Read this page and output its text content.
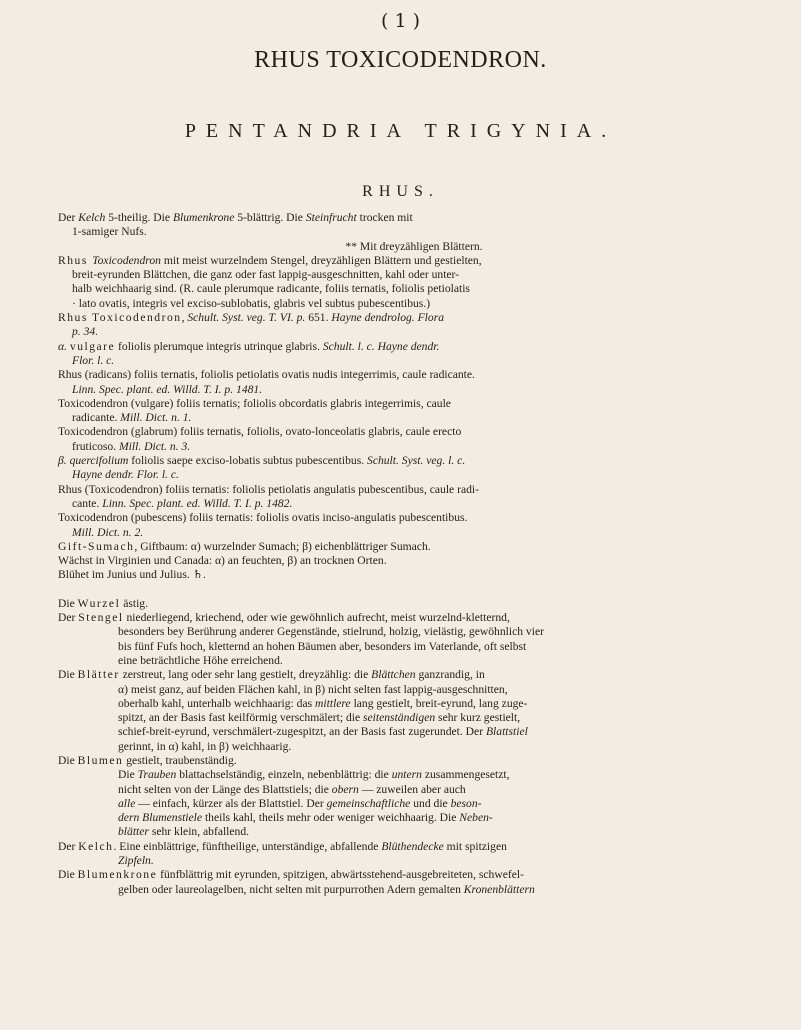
( 1 )
RHUS TOXICODENDRON.
PENTANDRIA TRIGYNIA.
RHUS.

Der Kelch 5-theilig. Die Blumenkrone 5-blättrig. Die Steinfrucht trocken mit

1-samiger Nufs.

** Mit dreyzähligen Blättern.

Rhus Toxicodendron mit meist wurzelndem Stengel, dreyzähligen Blättern und gestielten,

breit-eyrunden Blättchen, die ganz oder fast lappig-ausgeschnitten, kahl oder unter-

halb weichhaarig sind. (R. caule plerumque radicante, foliis ternatis, foliolis petiolatis

· lato ovatis, integris vel exciso-sublobatis, glabris vel subtus pubescentibus.)

Rhus Toxicodendron, Schult. Syst. veg. T. VI. p. 651. Hayne dendrolog. Flora

p. 34.

α. vulgare foliolis plerumque integris utrinque glabris. Schult. l. c. Hayne dendr.

Flor. l. c.

Rhus (radicans) foliis ternatis, foliolis petiolatis ovatis nudis integerrimis, caule radicante.

Linn. Spec. plant. ed. Willd. T. I. p. 1481.

Toxicodendron (vulgare) foliis ternatis; foliolis obcordatis glabris integerrimis, caule

radicante. Mill. Dict. n. 1.

Toxicodendron (glabrum) foliis ternatis, foliolis, ovato-lonceolatis glabris, caule erecto

fruticoso. Mill. Dict. n. 3.

β. quercifolium foliolis saepe exciso-lobatis subtus pubescentibus. Schult. Syst. veg. l. c.

Hayne dendr. Flor. l. c.

Rhus (Toxicodendron) foliis ternatis: foliolis petiolatis angulatis pubescentibus, caule radi-

cante. Linn. Spec. plant. ed. Willd. T. I. p. 1482.

Toxicodendron (pubescens) foliis ternatis: foliolis ovatis inciso-angulatis pubescentibus.

Mill. Dict. n. 2.

Gift-Sumach, Giftbaum: α) wurzelnder Sumach; β) eichenblättriger Sumach.

Wächst in Virginien und Canada: α) an feuchten, β) an trocknen Orten.

Blühet im Junius und Julius. ♄.

Die Wurzel ästig.

Der Stengel niederliegend, kriechend, oder wie gewöhnlich aufrecht, meist wurzelnd-kletternd,

besonders bey Berührung anderer Gegenstände, stielrund, holzig, vielästig, gewöhnlich vier

bis fünf Fufs hoch, kletternd an hohen Bäumen aber, besonders im Vaterlande, oft selbst

eine beträchtliche Höhe erreichend.

Die Blätter zerstreut, lang oder sehr lang gestielt, dreyzählig: die Blättchen ganzrandig, in

α) meist ganz, auf beiden Flächen kahl, in β) nicht selten fast lappig-ausgeschnitten,

oberhalb kahl, unterhalb weichhaarig: das mittlere lang gestielt, breit-eyrund, lang zuge-

spitzt, an der Basis fast keilförmig verschmälert; die seitenständigen sehr kurz gestielt,

schief-breit-eyrund, verschmälert-zugespitzt, an der Basis fast zugerundet. Der Blattstiel

gerinnt, in α) kahl, in β) weichhaarig.

Die Blumen gestielt, traubenständig.

Die Trauben blattachselständig, einzeln, nebenblättrig: die untern zusammengesetzt,

nicht selten von der Länge des Blattstiels; die obern — zuweilen aber auch

alle — einfach, kürzer als der Blattstiel. Der gemeinschaftliche und die beson-

dern Blumenstiele theils kahl, theils mehr oder weniger weichhaarig. Die Neben-

blätter sehr klein, abfallend.

Der Kelch. Eine einblättrige, fünftheilige, unterständige, abfallende Blüthendecke mit spitzigen

Zipfeln.

Die Blumenkrone fünfblättrig mit eyrunden, spitzigen, abwärtsstehend-ausgebreiteten, schwefel-

gelben oder laureolagelben, nicht selten mit purpurrothen Adern gemalten Kronenblättern
